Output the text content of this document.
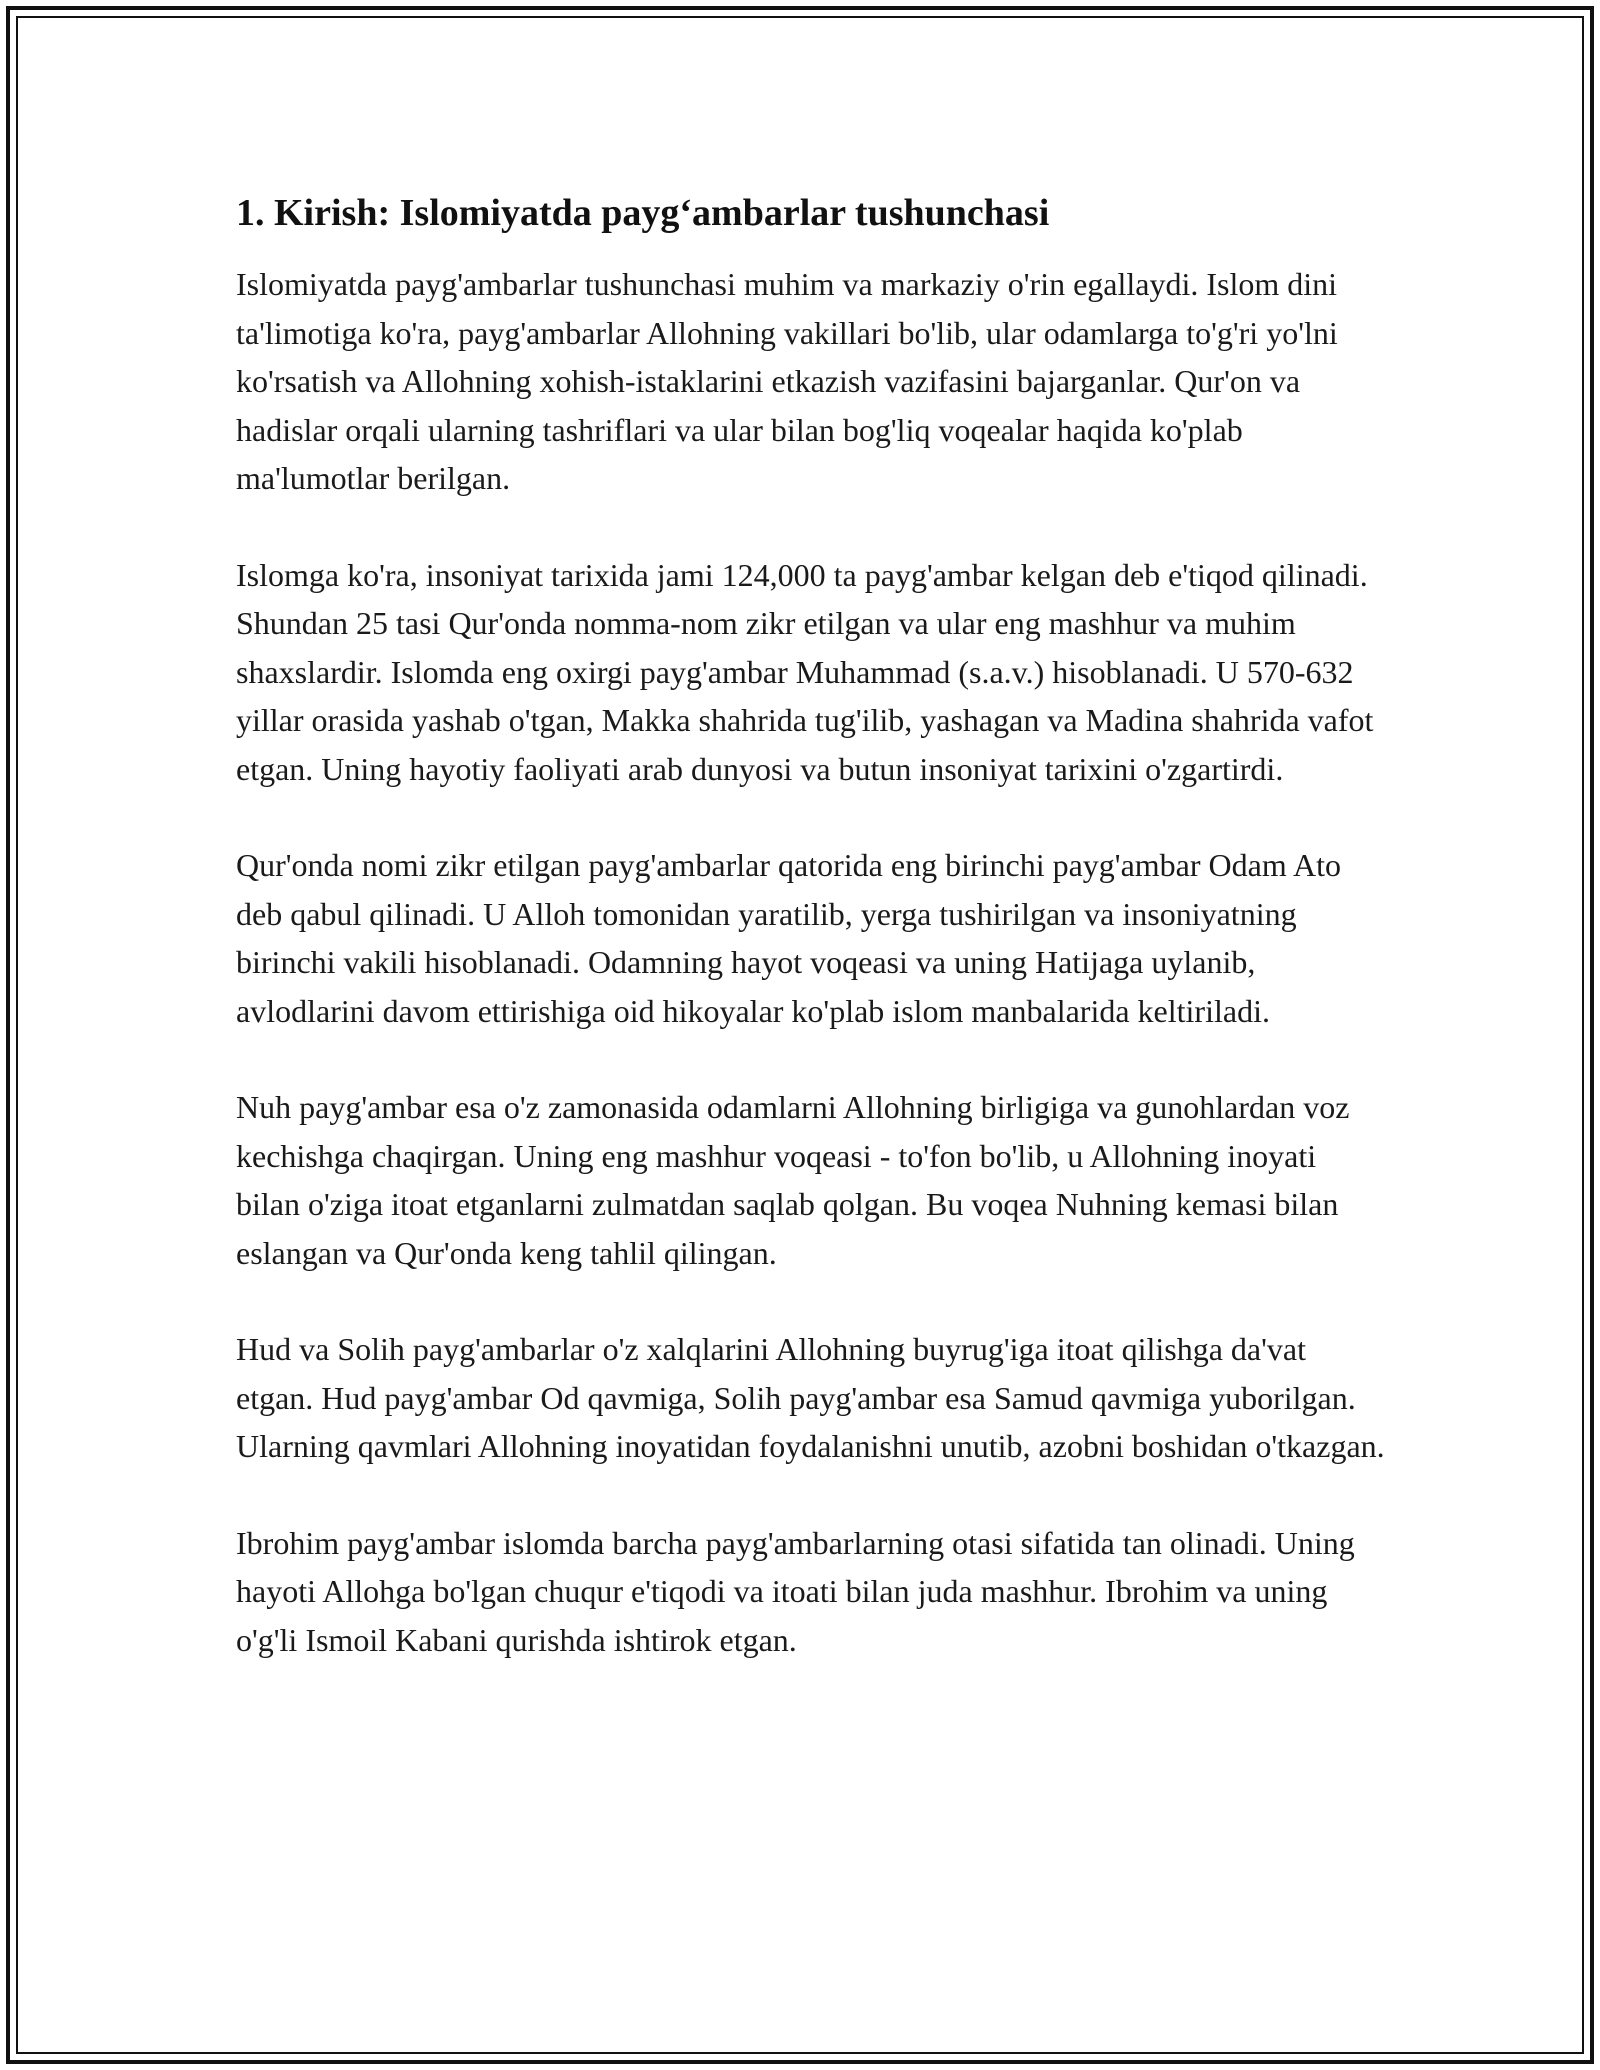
1. Kirish: Islomiyatda payg‘ambarlar tushunchasi

Islomiyatda payg'ambarlar tushunchasi muhim va markaziy o'rin egallaydi. Islom dini ta'limotiga ko'ra, payg'ambarlar Allohning vakillari bo'lib, ular odamlarga to'g'ri yo'lni ko'rsatish va Allohning xohish-istaklarini etkazish vazifasini bajarganlar. Qur'on va hadislar orqali ularning tashriflari va ular bilan bog'liq voqealar haqida ko'plab ma'lumotlar berilgan.

Islomga ko'ra, insoniyat tarixida jami 124,000 ta payg'ambar kelgan deb e'tiqod qilinadi. Shundan 25 tasi Qur'onda nomma-nom zikr etilgan va ular eng mashhur va muhim shaxslardir. Islomda eng oxirgi payg'ambar Muhammad (s.a.v.) hisoblanadi. U 570-632 yillar orasida yashab o'tgan, Makka shahrida tug'ilib, yashagan va Madina shahrida vafot etgan. Uning hayotiy faoliyati arab dunyosi va butun insoniyat tarixini o'zgartirdi.

Qur'onda nomi zikr etilgan payg'ambarlar qatorida eng birinchi payg'ambar Odam Ato deb qabul qilinadi. U Alloh tomonidan yaratilib, yerga tushirilgan va insoniyatning birinchi vakili hisoblanadi. Odamning hayot voqeasi va uning Hatijaga uylanib, avlodlarini davom ettirishiga oid hikoyalar ko'plab islom manbalarida keltiriladi.

Nuh payg'ambar esa o'z zamonasida odamlarni Allohning birligiga va gunohlardan voz kechishga chaqirgan. Uning eng mashhur voqeasi - to'fon bo'lib, u Allohning inoyati bilan o'ziga itoat etganlarni zulmatdan saqlab qolgan. Bu voqea Nuhning kemasi bilan eslangan va Qur'onda keng tahlil qilingan.

Hud va Solih payg'ambarlar o'z xalqlarini Allohning buyrug'iga itoat qilishga da'vat etgan. Hud payg'ambar Od qavmiga, Solih payg'ambar esa Samud qavmiga yuborilgan. Ularning qavmlari Allohning inoyatidan foydalanishni unutib, azobni boshidan o'tkazgan.

Ibrohim payg'ambar islomda barcha payg'ambarlarning otasi sifatida tan olinadi. Uning hayoti Allohga bo'lgan chuqur e'tiqodi va itoati bilan juda mashhur. Ibrohim va uning o'g'li Ismoil Kabani qurishda ishtirok etgan.
